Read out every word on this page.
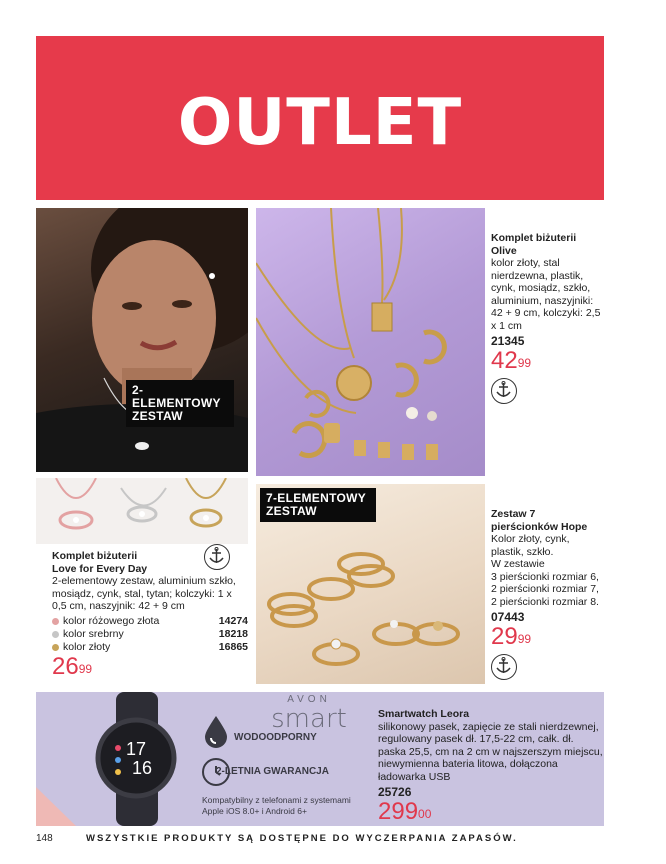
OUTLET
2-ELEMENTOWY ZESTAW
Komplet biżuterii Olive
kolor złoty, stal nierdzewna, plastik, cynk, mosiądz, szkło, aluminium, naszyjniki: 42 + 9 cm, kolczyki: 2,5 x 1 cm
21345
$42^{99}$
Komplet biżuterii Love for Every Day
2-elementowy zestaw, aluminium szkło, mosiądz, cynk, stal, tytan; kolczyki: 1 x 0,5 cm, naszyjnik: 42 + 9 cm
kolor różowego złota	14274
kolor srebrny	18218
kolor złoty	16865
$26^{99}$
7-ELEMENTOWY ZESTAW	Zestaw 7 pierścionków Hope
Kolor złoty, cynk, plastik, szkło.
W zestawie
3 pierścionki rozmiar 6,
2 pierścionki rozmiar 7,
2 pierścionki rozmiar 8.
07443
$29^{99}$
17
16
AVON
smart
WODOODPORNY
2-LETNIA GWARANCJA
Kompatybilny z telefonami z systemami
Apple iOS 8.0+ i Android 6+
Smartwatch Leora
silikonowy pasek, zapięcie ze stali nierdzewnej, regulowany pasek dł. 17,5-22 cm, całk. dł. paska 25,5, cm na 2 cm w najszerszym miejscu, niewymienna bateria litowa, dołączona ładowarka USB
25726
$299^{00}$
148	WSZYSTKIE PRODUKTY SĄ DOSTĘPNE DO WYCZERPANIA ZAPASÓW.
